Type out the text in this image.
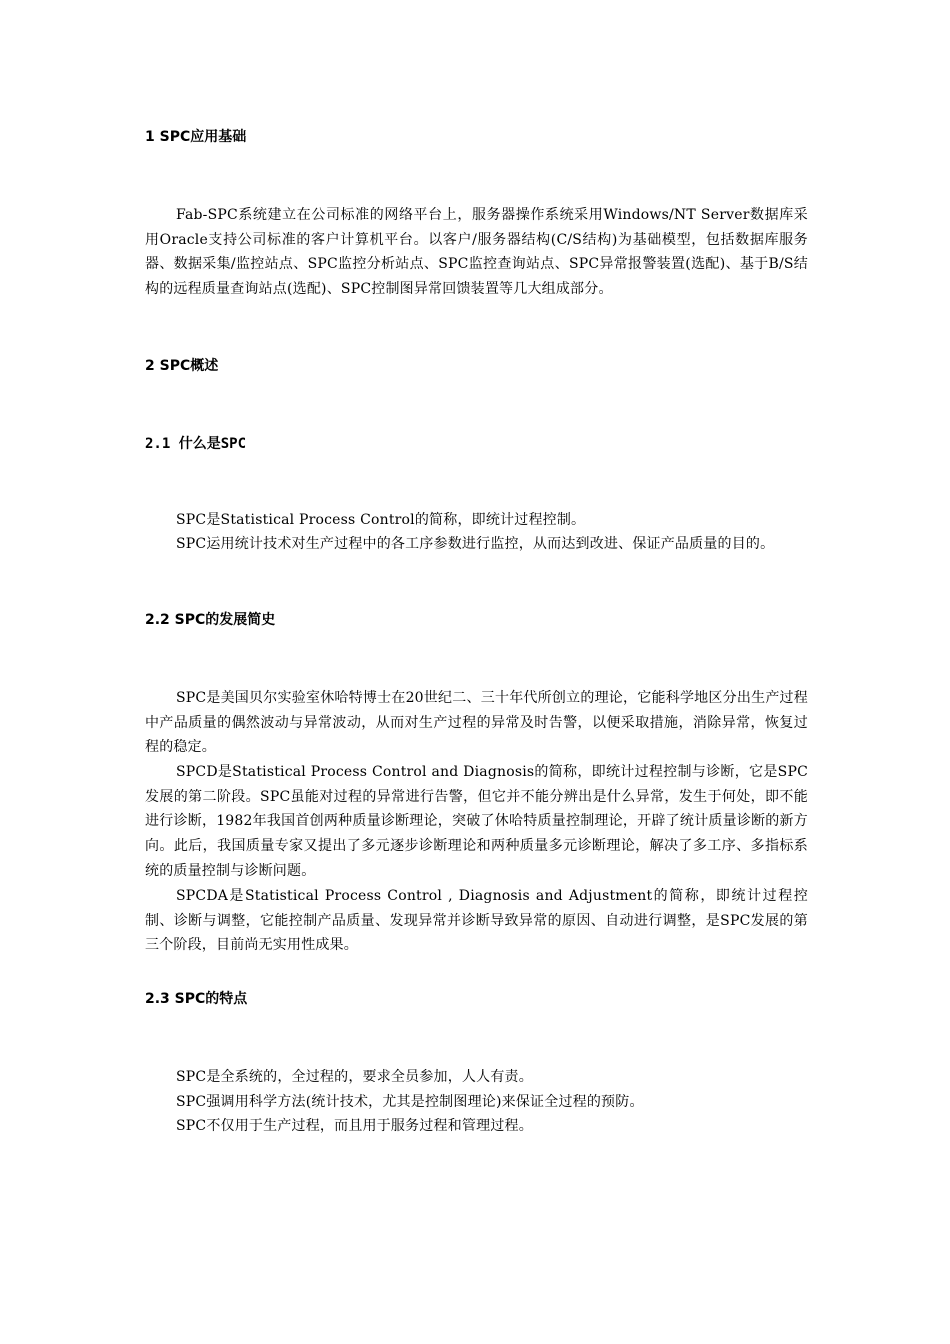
1 SPC应用基础

Fab-SPC系统建立在公司标准的网络平台上，服务器操作系统采用Windows/NT Server数据库采用Oracle支持公司标准的客户计算机平台。以客户/服务器结构(C/S结构)为基础模型，包括数据库服务器、数据采集/监控站点、SPC监控分析站点、SPC监控查询站点、SPC异常报警装置(选配)、基于B/S结构的远程质量查询站点(选配)、SPC控制图异常回馈装置等几大组成部分。

2 SPC概述
2.1 什么是SPC

SPC是Statistical Process Control的简称，即统计过程控制。

SPC运用统计技术对生产过程中的各工序参数进行监控，从而达到改进、保证产品质量的目的。

2.2 SPC的发展简史

SPC是美国贝尔实验室休哈特博士在20世纪二、三十年代所创立的理论，它能科学地区分出生产过程中产品质量的偶然波动与异常波动，从而对生产过程的异常及时告警，以便采取措施，消除异常，恢复过程的稳定。

SPCD是Statistical Process Control and Diagnosis的简称，即统计过程控制与诊断，它是SPC发展的第二阶段。SPC虽能对过程的异常进行告警，但它并不能分辨出是什么异常，发生于何处，即不能进行诊断，1982年我国首创两种质量诊断理论，突破了休哈特质量控制理论，开辟了统计质量诊断的新方向。此后，我国质量专家又提出了多元逐步诊断理论和两种质量多元诊断理论，解决了多工序、多指标系统的质量控制与诊断问题。

SPCDA是Statistical Process Control , Diagnosis and Adjustment的简称，即统计过程控制、诊断与调整，它能控制产品质量、发现异常并诊断导致异常的原因、自动进行调整，是SPC发展的第三个阶段，目前尚无实用性成果。

2.3 SPC的特点

SPC是全系统的，全过程的，要求全员参加，人人有责。

SPC强调用科学方法(统计技术，尤其是控制图理论)来保证全过程的预防。

SPC不仅用于生产过程，而且用于服务过程和管理过程。
